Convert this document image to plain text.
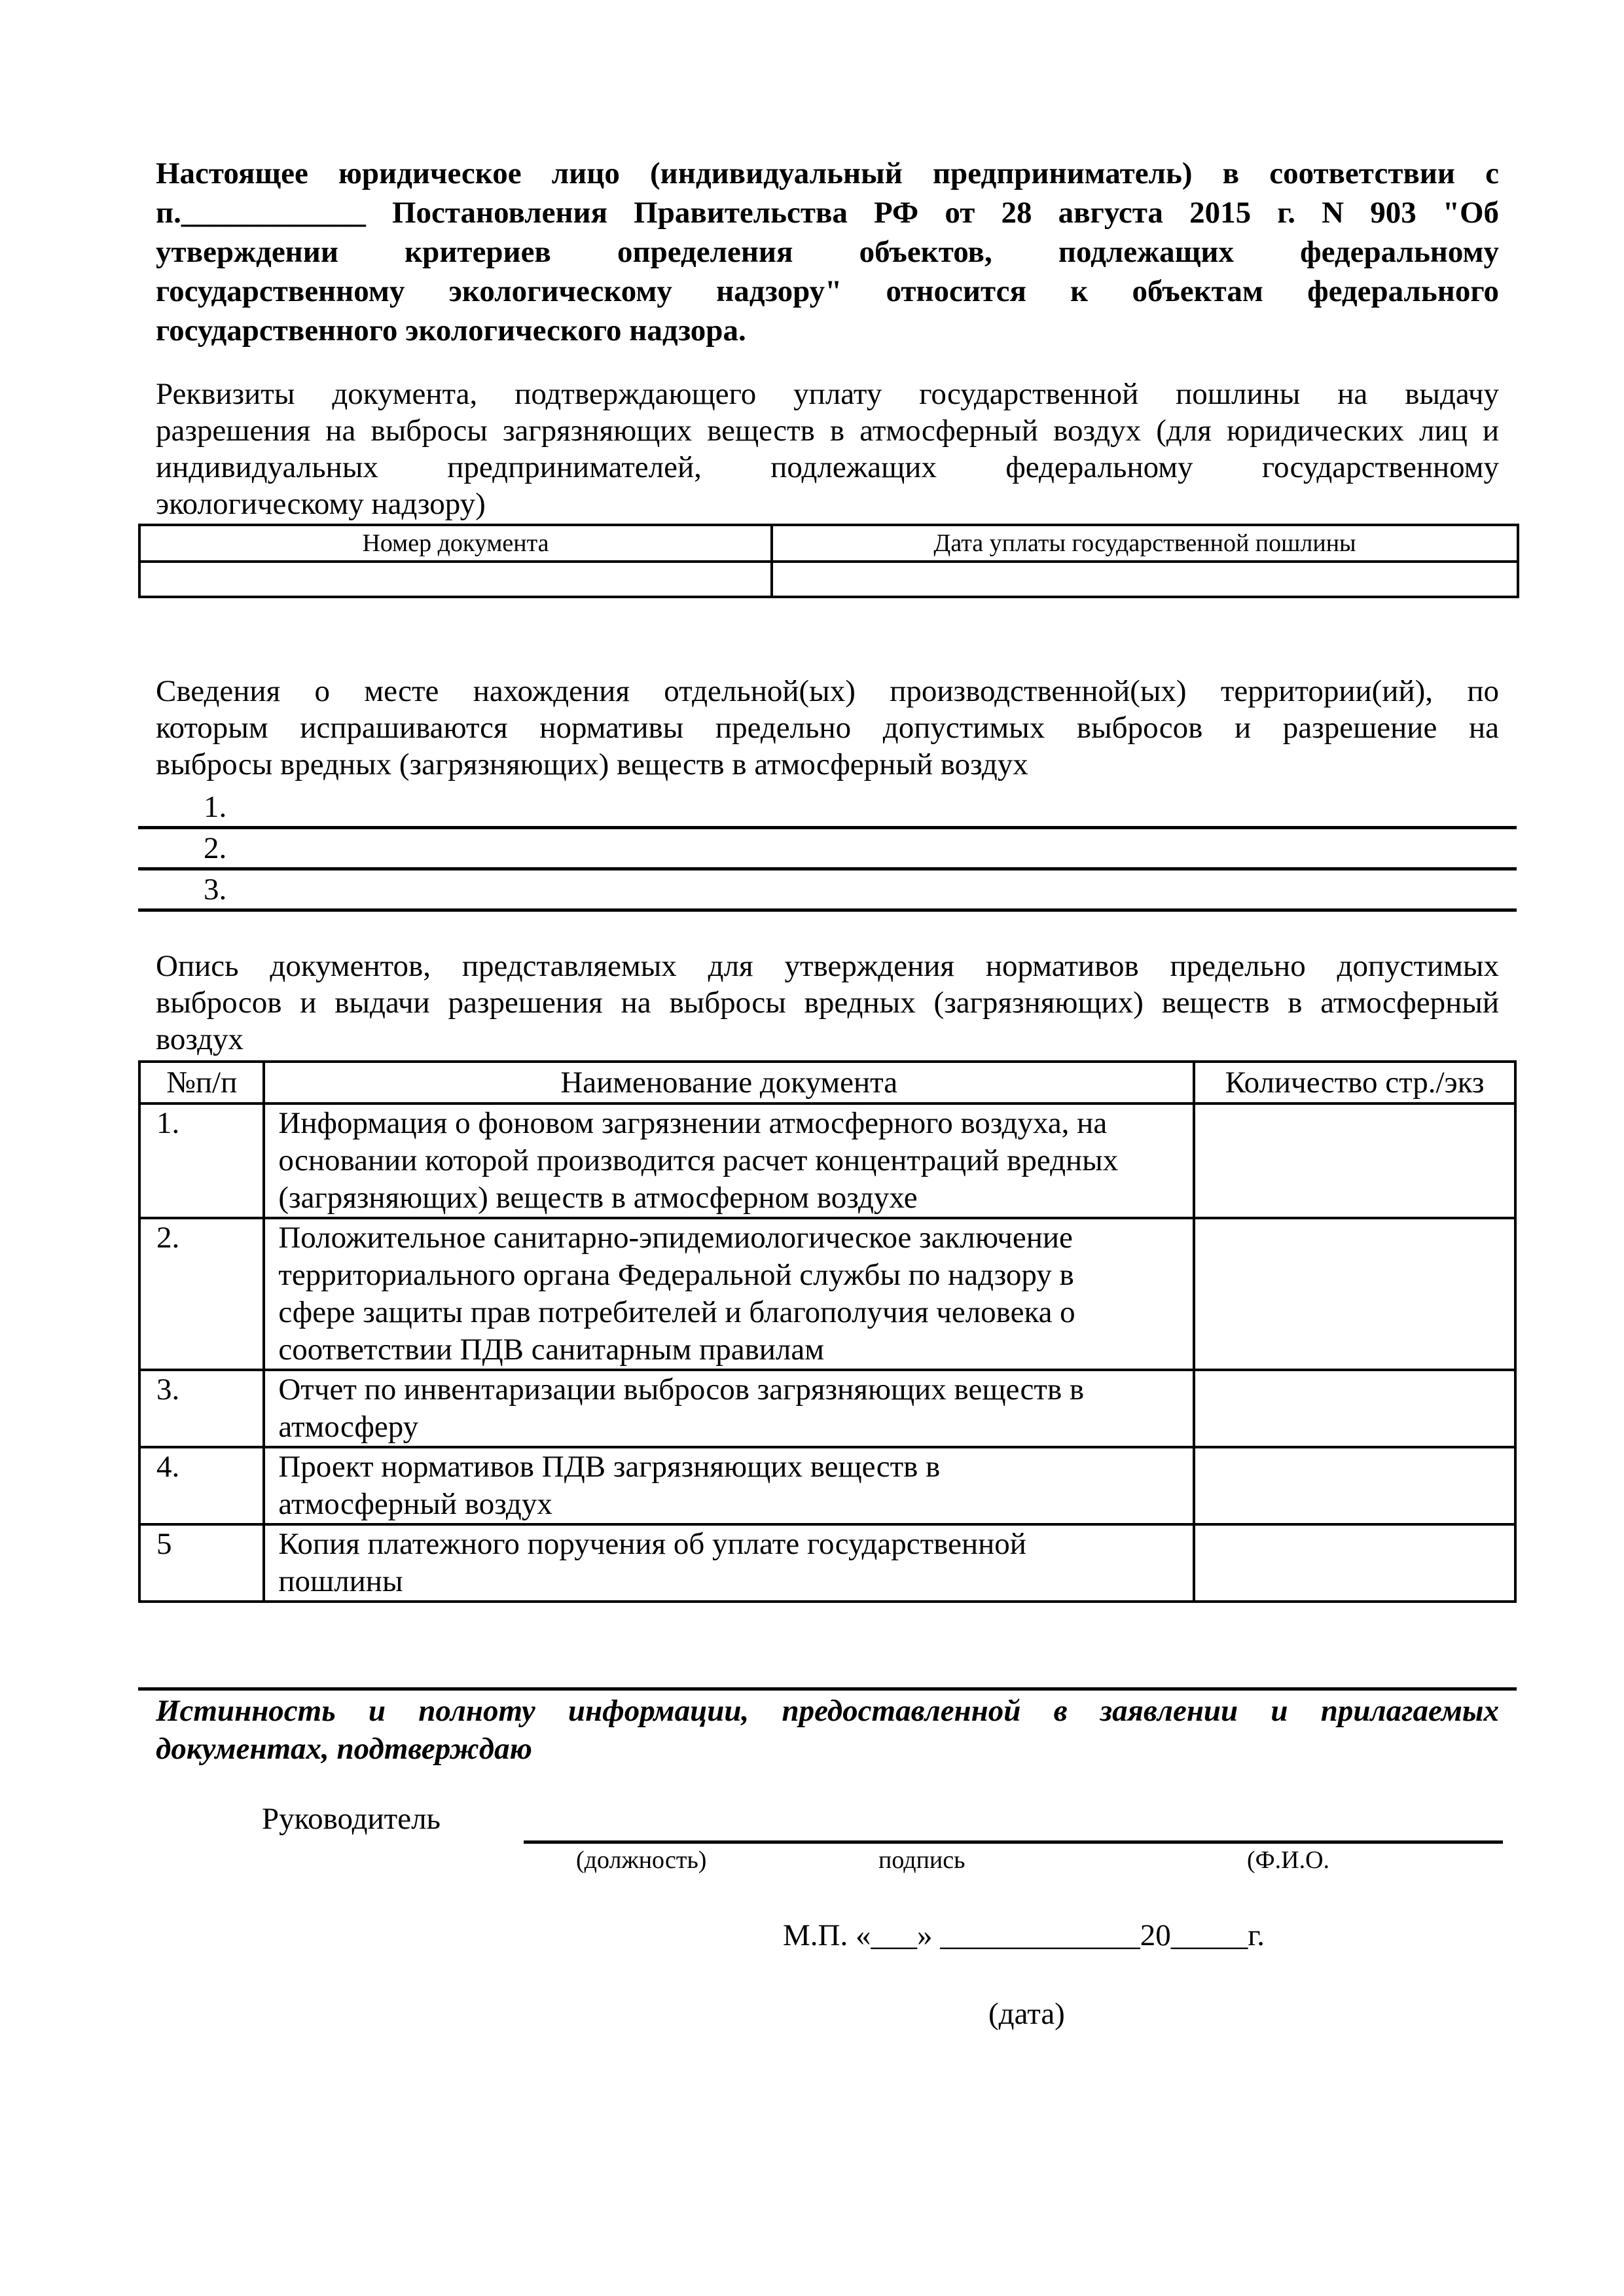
Настоящее юридическое лицо (индивидуальный предприниматель) в соответствии с
п.____________ Постановления Правительства РФ от 28 августа 2015 г. N 903 "Об
утверждении критериев определения объектов, подлежащих федеральному
государственному экологическому надзору" относится к объектам федерального

государственного экологического надзора.

Реквизиты документа, подтверждающего уплату государственной пошлины на выдачу
разрешения на выбросы загрязняющих веществ в атмосферный воздух (для юридических лиц и
индивидуальных предпринимателей, подлежащих федеральному государственному

экологическому надзору)

Номер документа	Дата уплаты государственной пошлины

Сведения о месте нахождения отдельной(ых) производственной(ых) территории(ий), по
которым испрашиваются нормативы предельно допустимых выбросов и разрешение на

выбросы вредных (загрязняющих) веществ в атмосферный воздух

1.
2.
3.

Опись документов, представляемых для утверждения нормативов предельно допустимых
выбросов и выдачи разрешения на выбросы вредных (загрязняющих) веществ в атмосферный

воздух

№п/п	Наименование документа	Количество стр./экз
1.	Информация о фоновом загрязнении атмосферного воздуха, на
основании которой производится расчет концентраций вредных
(загрязняющих) веществ в атмосферном воздухе	
2.	Положительное санитарно-эпидемиологическое заключение
территориального органа Федеральной службы по надзору в
сфере защиты прав потребителей и благополучия человека о
соответствии ПДВ санитарным правилам	
3.	Отчет по инвентаризации выбросов загрязняющих веществ в
атмосферу	
4.	Проект нормативов ПДВ загрязняющих веществ в
атмосферный воздух	
5	Копия платежного поручения об уплате государственной
пошлины	

Истинность и полноту информации, предоставленной в заявлении и прилагаемых

документах, подтверждаю

Руководитель
(должность)	подпись	(Ф.И.О.
М.П. «___» _____________20_____г.
(дата)
